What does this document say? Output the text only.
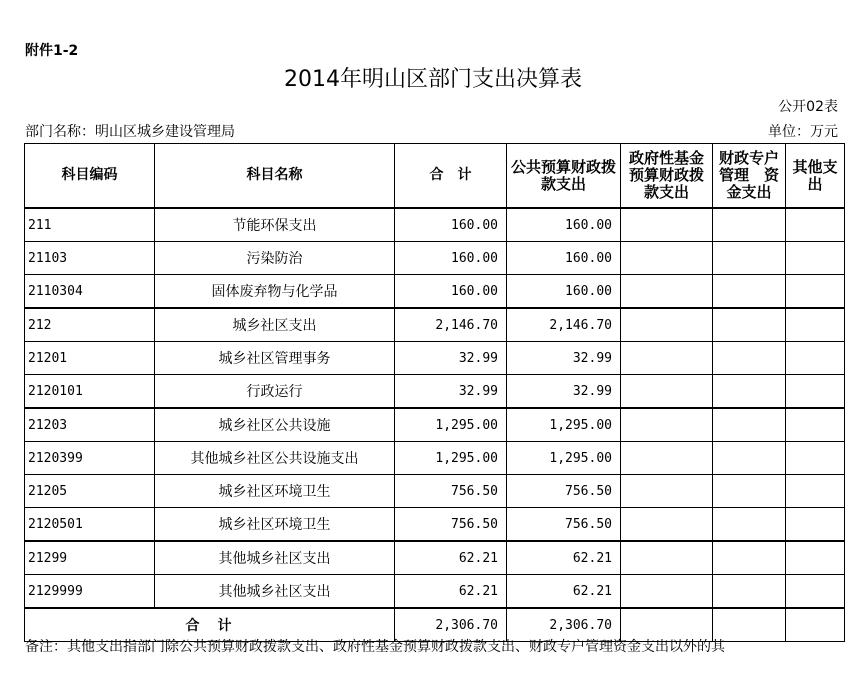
附件1-2
2014年明山区部门支出决算表
公开02表
部门名称：明山区城乡建设管理局	单位：万元
科目编码	科目名称	合　计	公共预算财政拨款支出	政府性基金预算财政拨款支出	财政专户管理　资金支出	其他支出
211	节能环保支出	160.00	160.00			
21103	污染防治	160.00	160.00			
2110304	固体废弃物与化学品	160.00	160.00			
212	城乡社区支出	2,146.70	2,146.70			
21201	城乡社区管理事务	32.99	32.99			
2120101	行政运行	32.99	32.99			
21203	城乡社区公共设施	1,295.00	1,295.00			
2120399	其他城乡社区公共设施支出	1,295.00	1,295.00			
21205	城乡社区环境卫生	756.50	756.50			
2120501	城乡社区环境卫生	756.50	756.50			
21299	其他城乡社区支出	62.21	62.21			
2129999	其他城乡社区支出	62.21	62.21			
合　计		2,306.70	2,306.70			
备注：其他支出指部门除公共预算财政拨款支出、政府性基金预算财政拨款支出、财政专户管理资金支出以外的其
